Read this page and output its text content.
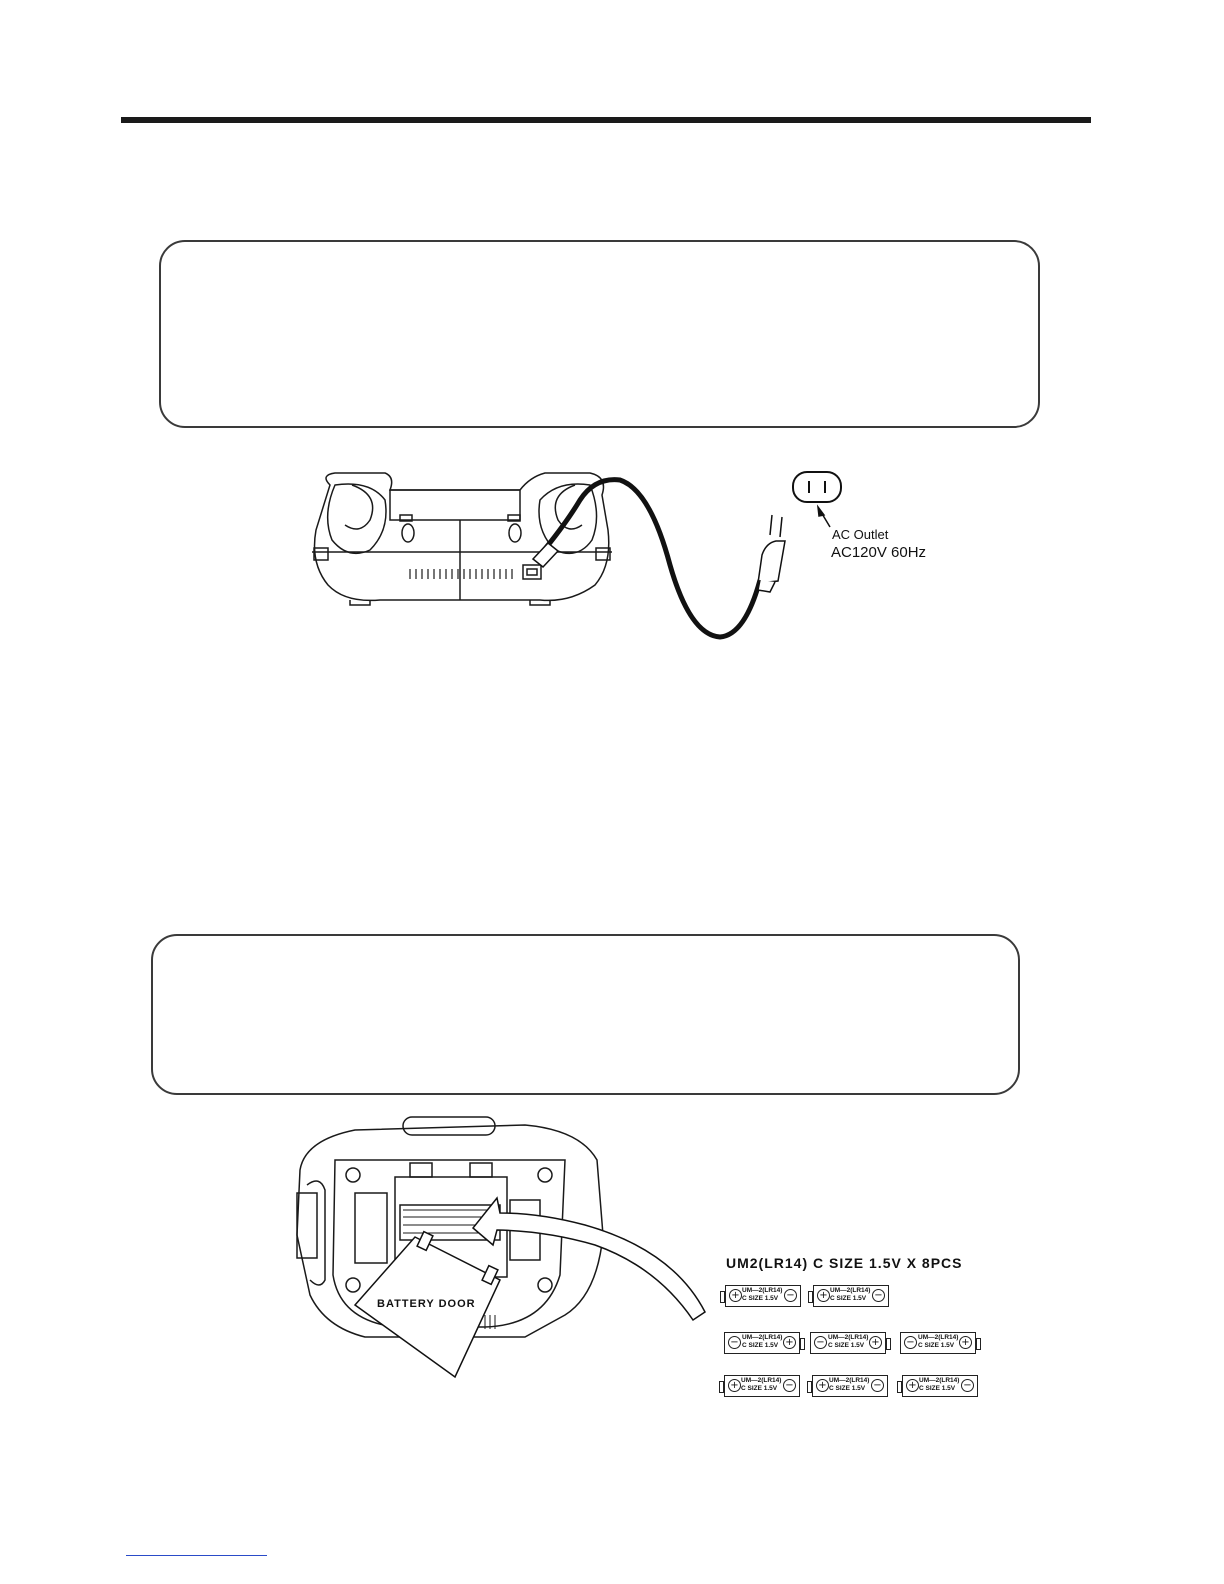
AC Outlet
AC120V 60Hz
BATTERY DOOR
UM2(LR14) C SIZE 1.5V X 8PCS
+	−
UM—2(LR14)
C SIZE 1.5V	+	−
UM—2(LR14)
C SIZE 1.5V
+
− UM—2(LR14)
C SIZE 1.5V	+
− UM—2(LR14)
C SIZE 1.5V	+
− UM—2(LR14)
C SIZE 1.5V
+	−
UM—2(LR14)
C SIZE 1.5V	+	−
UM—2(LR14)
C SIZE 1.5V	+	−
UM—2(LR14)
C SIZE 1.5V
